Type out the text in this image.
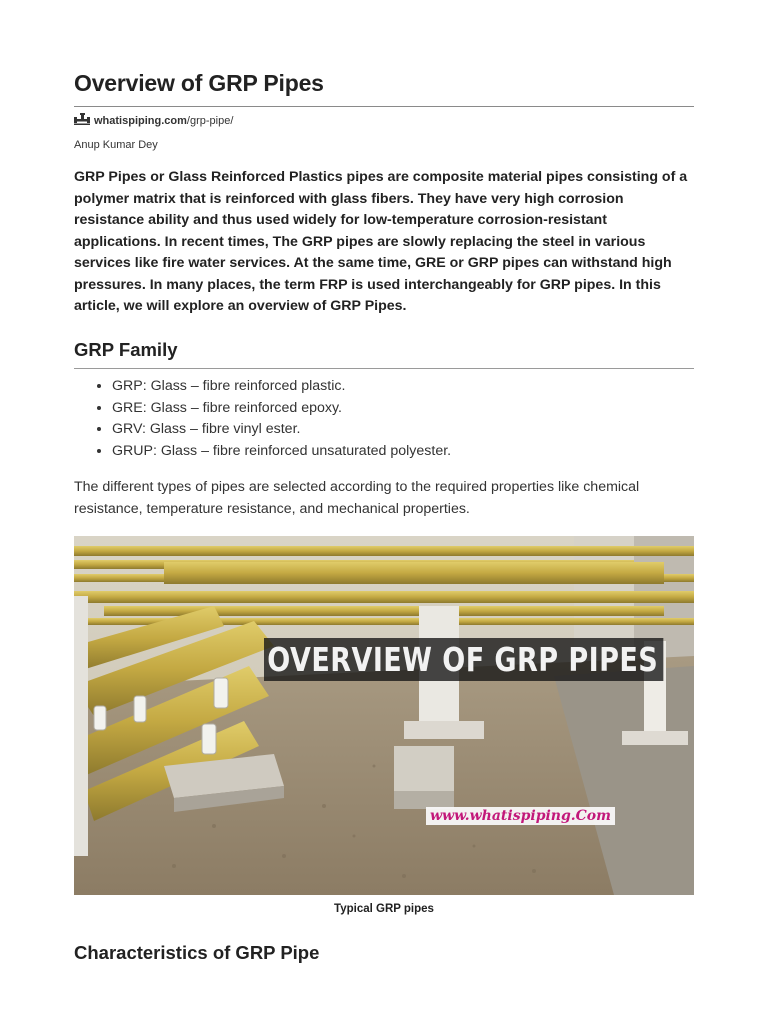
Overview of GRP Pipes
whatispiping.com/grp-pipe/
Anup Kumar Dey

GRP Pipes or Glass Reinforced Plastics pipes are composite material pipes consisting of a polymer matrix that is reinforced with glass fibers. They have very high corrosion resistance ability and thus used widely for low-temperature corrosion-resistant applications. In recent times, The GRP pipes are slowly replacing the steel in various services like fire water services. At the same time, GRE or GRP pipes can withstand high pressures. In many places, the term FRP is used interchangeably for GRP pipes. In this article, we will explore an overview of GRP Pipes.

GRP Family
• GRP: Glass – fibre reinforced plastic.
• GRE: Glass – fibre reinforced epoxy.
• GRV: Glass – fibre vinyl ester.
• GRUP: Glass – fibre reinforced unsaturated polyester.

The different types of pipes are selected according to the required properties like chemical resistance, temperature resistance, and mechanical properties.

OVERVIEW OF GRP PIPES
www.whatispiping.Com
Typical GRP pipes
Characteristics of GRP Pipe
